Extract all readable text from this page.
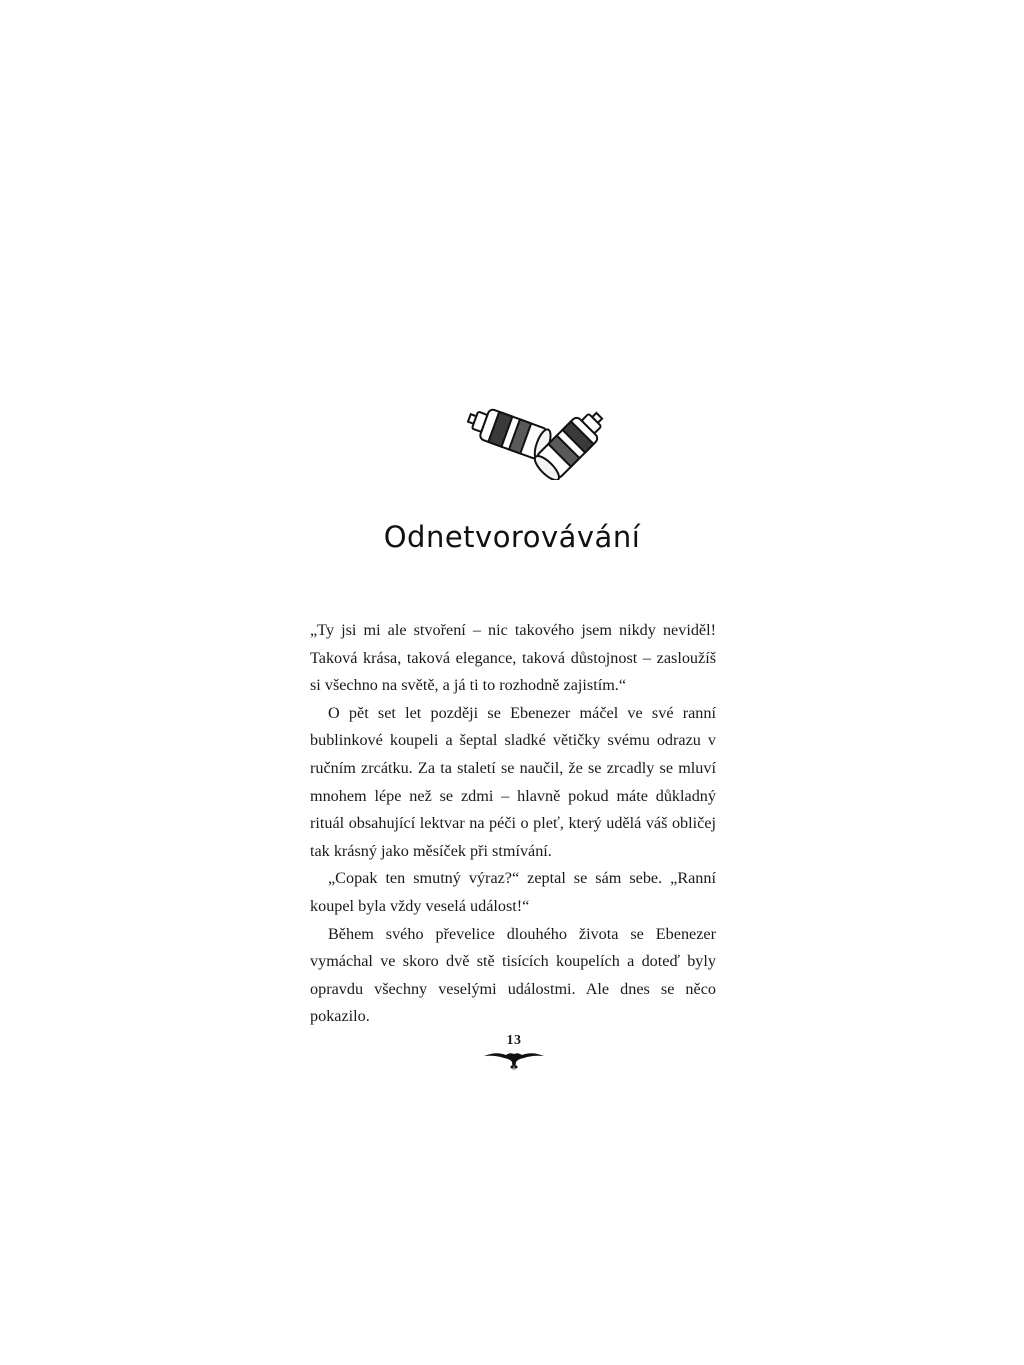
Odnetvorovávání

„Ty jsi mi ale stvoření – nic takového jsem nikdy neviděl! Taková krása, taková elegance, taková důstojnost – zasloužíš si všechno na světě, a já ti to rozhodně zajistím.“

O pět set let později se Ebenezer máčel ve své ranní bublinkové koupeli a šeptal sladké větičky svému odrazu v ručním zrcátku. Za ta staletí se naučil, že se zrcadly se mluví mnohem lépe než se zdmi – hlavně pokud máte důkladný rituál obsahující lektvar na péči o pleť, který udělá váš obličej tak krásný jako měsíček při stmívání.

„Copak ten smutný výraz?“ zeptal se sám sebe. „Ranní koupel byla vždy veselá událost!“

Během svého převelice dlouhého života se Ebenezer vymáchal ve skoro dvě stě tisících koupelích a doteď byly opravdu všechny veselými událostmi. Ale dnes se něco pokazilo.

13
